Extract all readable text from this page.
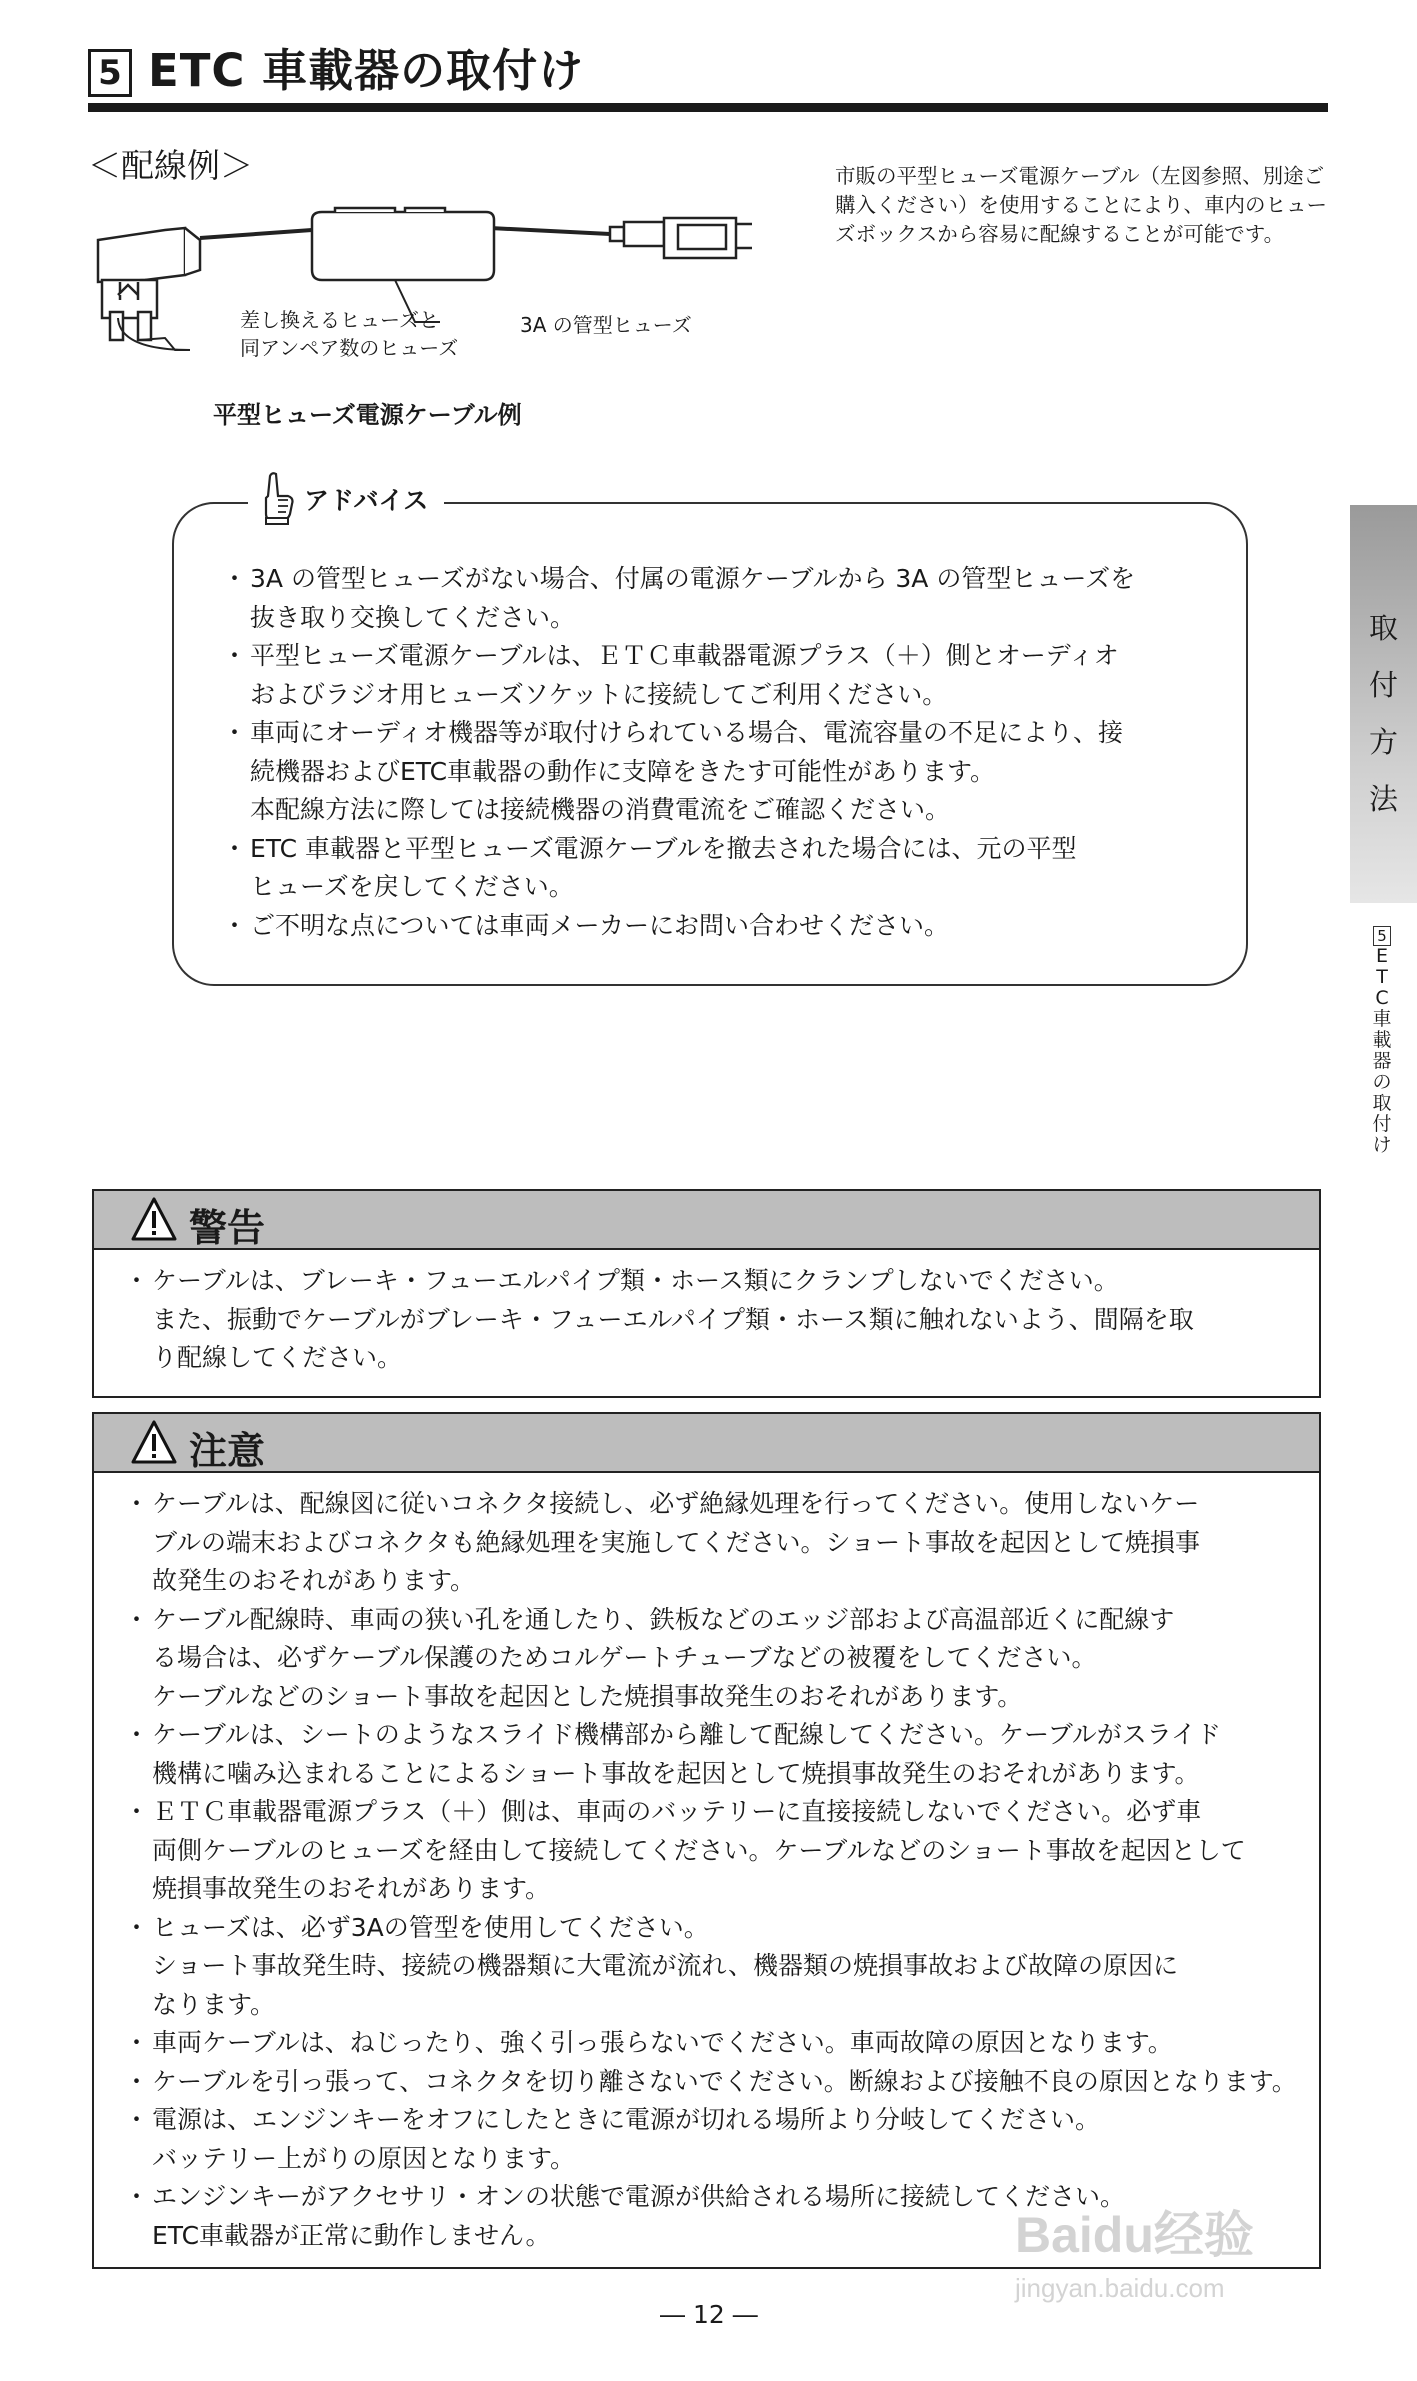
5 ETC 車載器の取付け
＜配線例＞	市販の平型ヒューズ電源ケーブル（左図参照、別途ご購入ください）を使用することにより、車内のヒューズボックスから容易に配線することが可能です。
差し換えるヒューズと
同アンペア数のヒューズ
3A の管型ヒューズ
平型ヒューズ電源ケーブル例
アドバイス
・ 3A の管型ヒューズがない場合、付属の電源ケーブルから 3A の管型ヒューズを
抜き取り交換してください。
・ 平型ヒューズ電源ケーブルは、ＥＴＣ車載器電源プラス（＋）側とオーディオ
およびラジオ用ヒューズソケットに接続してご利用ください。
・ 車両にオーディオ機器等が取付けられている場合、電流容量の不足により、接
続機器およびETC車載器の動作に支障をきたす可能性があります。
本配線方法に際しては接続機器の消費電流をご確認ください。
・ ETC 車載器と平型ヒューズ電源ケーブルを撤去された場合には、元の平型
ヒューズを戻してください。
・ ご不明な点については車両メーカーにお問い合わせください。
取
付
方
法
5
E
T
C
車
載
器
の
取
付
け
警告
・ ケーブルは、ブレーキ・フューエルパイプ類・ホース類にクランプしないでください。
また、振動でケーブルがブレーキ・フューエルパイプ類・ホース類に触れないよう、間隔を取
り配線してください。
注意
・ ケーブルは、配線図に従いコネクタ接続し、必ず絶縁処理を行ってください。使用しないケー
ブルの端末およびコネクタも絶縁処理を実施してください。ショート事故を起因として焼損事
故発生のおそれがあります。
・ ケーブル配線時、車両の狭い孔を通したり、鉄板などのエッジ部および高温部近くに配線す
る場合は、必ずケーブル保護のためコルゲートチューブなどの被覆をしてください。
ケーブルなどのショート事故を起因とした焼損事故発生のおそれがあります。
・ ケーブルは、シートのようなスライド機構部から離して配線してください。ケーブルがスライド
機構に噛み込まれることによるショート事故を起因として焼損事故発生のおそれがあります。
・ ＥＴＣ車載器電源プラス（＋）側は、車両のバッテリーに直接接続しないでください。必ず車
両側ケーブルのヒューズを経由して接続してください。ケーブルなどのショート事故を起因として
焼損事故発生のおそれがあります。
・ ヒューズは、必ず3Aの管型を使用してください。
ショート事故発生時、接続の機器類に大電流が流れ、機器類の焼損事故および故障の原因に
なります。
・ 車両ケーブルは、ねじったり、強く引っ張らないでください。車両故障の原因となります。
・ ケーブルを引っ張って、コネクタを切り離さないでください。断線および接触不良の原因となります。
・ 電源は、エンジンキーをオフにしたときに電源が切れる場所より分岐してください。
バッテリー上がりの原因となります。
・ エンジンキーがアクセサリ・オンの状態で電源が供給される場所に接続してください。
ETC車載器が正常に動作しません。
― 12 ―
Baidu经验
jingyan.baidu.com
